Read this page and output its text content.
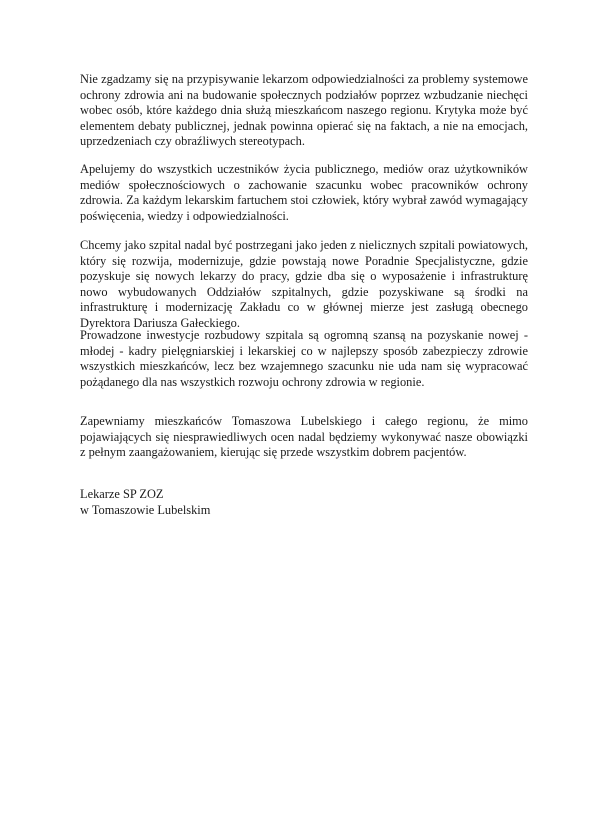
Nie zgadzamy się na przypisywanie lekarzom odpowiedzialności za problemy systemowe ochrony zdrowia ani na budowanie społecznych podziałów poprzez wzbudzanie niechęci wobec osób, które każdego dnia służą mieszkańcom naszego regionu. Krytyka może być elementem debaty publicznej, jednak powinna opierać się na faktach, a nie na emocjach, uprzedzeniach czy obraźliwych stereotypach.

Apelujemy do wszystkich uczestników życia publicznego, mediów oraz użytkowników mediów społecznościowych o zachowanie szacunku wobec pracowników ochrony zdrowia. Za każdym lekarskim fartuchem stoi człowiek, który wybrał zawód wymagający poświęcenia, wiedzy i odpowiedzialności.

Chcemy jako szpital nadal być postrzegani jako jeden z nielicznych szpitali powiatowych, który się rozwija, modernizuje, gdzie powstają nowe Poradnie Specjalistyczne, gdzie pozyskuje się nowych lekarzy do pracy, gdzie dba się o wyposażenie i infrastrukturę nowo wybudowanych Oddziałów szpitalnych, gdzie pozyskiwane są środki na infrastrukturę i modernizację Zakładu co w głównej mierze jest zasługą obecnego Dyrektora Dariusza Gałeckiego.

Prowadzone inwestycje rozbudowy szpitala są ogromną szansą na pozyskanie nowej - młodej - kadry pielęgniarskiej i lekarskiej co w najlepszy sposób zabezpieczy zdrowie wszystkich mieszkańców, lecz bez wzajemnego szacunku nie uda nam się wypracować pożądanego dla nas wszystkich rozwoju ochrony zdrowia w regionie.

Zapewniamy mieszkańców Tomaszowa Lubelskiego i całego regionu, że mimo pojawiających się niesprawiedliwych ocen nadal będziemy wykonywać nasze obowiązki z pełnym zaangażowaniem, kierując się przede wszystkim dobrem pacjentów.

Lekarze SP ZOZ
w Tomaszowie Lubelskim
